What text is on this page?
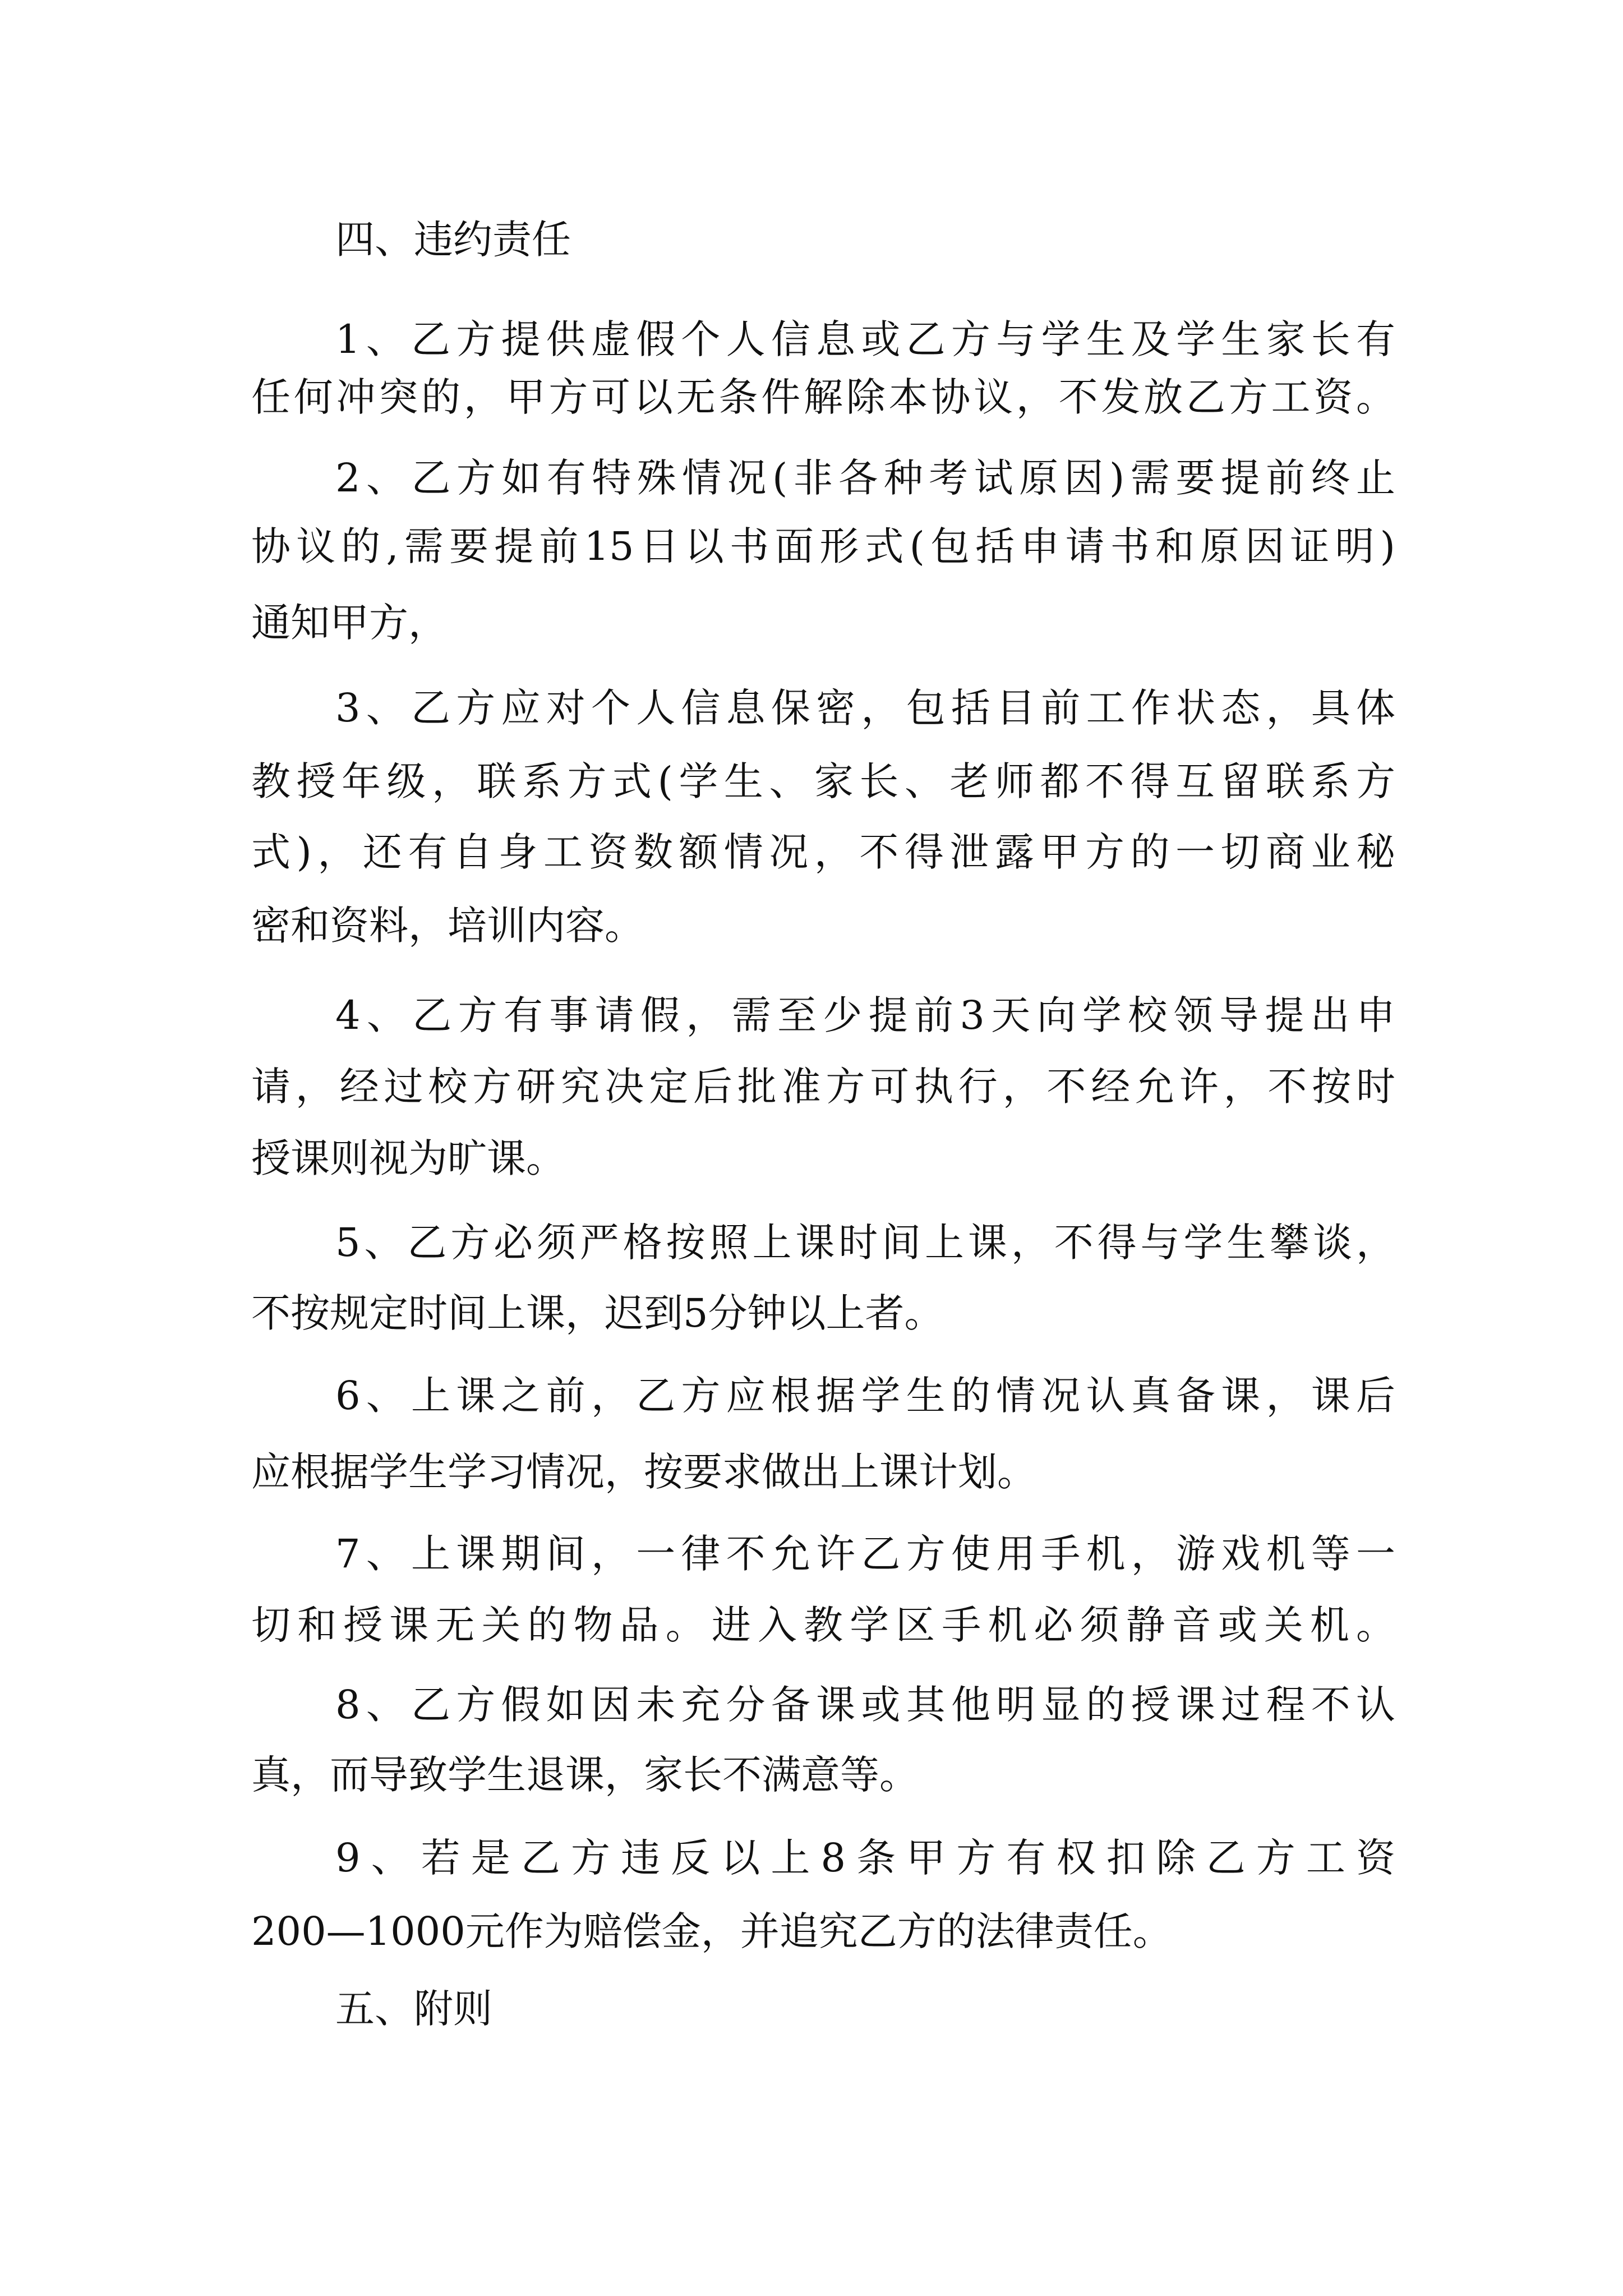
四、违约责任
1、乙方提供虚假个人信息或乙方与学生及学生家长有
任何冲突的，甲方可以无条件解除本协议，不发放乙方工资。
2、乙方如有特殊情况(非各种考试原因)需要提前终止
协议的,需要提前15日以书面形式(包括申请书和原因证明)
通知甲方，
3、乙方应对个人信息保密，包括目前工作状态，具体
教授年级，联系方式(学生、家长、老师都不得互留联系方
式)，还有自身工资数额情况，不得泄露甲方的一切商业秘
密和资料，培训内容。
4、乙方有事请假，需至少提前3天向学校领导提出申
请，经过校方研究决定后批准方可执行，不经允许，不按时
授课则视为旷课。
5、乙方必须严格按照上课时间上课，不得与学生攀谈，
不按规定时间上课，迟到5分钟以上者。
6、上课之前，乙方应根据学生的情况认真备课，课后
应根据学生学习情况，按要求做出上课计划。
7、上课期间，一律不允许乙方使用手机，游戏机等一
切和授课无关的物品。进入教学区手机必须静音或关机。
8、乙方假如因未充分备课或其他明显的授课过程不认
真，而导致学生退课，家长不满意等。
9、若是乙方违反以上8条甲方有权扣除乙方工资
200—1000元作为赔偿金，并追究乙方的法律责任。
五、附则
